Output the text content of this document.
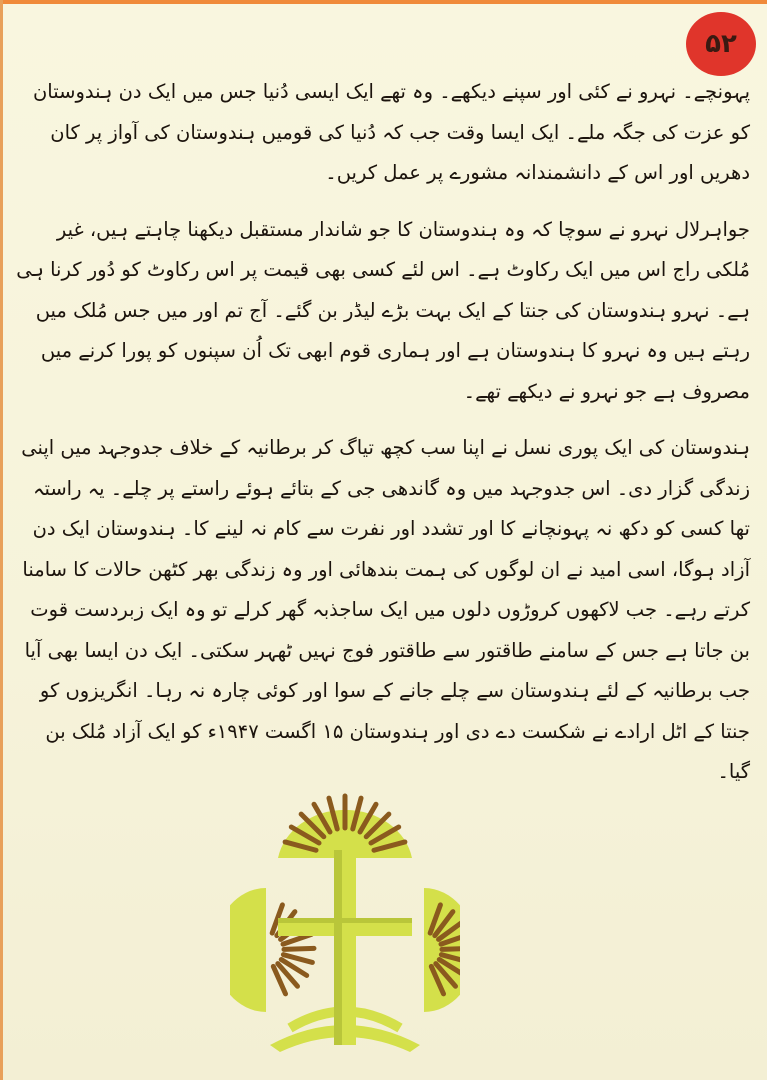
۵۲

پہونچے۔ نہرو نے کئی اور سپنے دیکھے۔ وہ تھے ایک ایسی دُنیا جس میں ایک دن ہندوستان کو عزت کی جگہ ملے۔ ایک ایسا وقت جب کہ دُنیا کی قومیں ہندوستان کی آواز پر کان دھریں اور اس کے دانشمندانہ مشورے پر عمل کریں۔

جواہرلال نہرو نے سوچا کہ وہ ہندوستان کا جو شاندار مستقبل دیکھنا چاہتے ہیں، غیر مُلکی راج اس میں ایک رکاوٹ ہے۔ اس لئے کسی بھی قیمت پر اس رکاوٹ کو دُور کرنا ہی ہے۔ نہرو ہندوستان کی جنتا کے ایک بہت بڑے لیڈر بن گئے۔ آج تم اور میں جس مُلک میں رہتے ہیں وہ نہرو کا ہندوستان ہے اور ہماری قوم ابھی تک اُن سپنوں کو پورا کرنے میں مصروف ہے جو نہرو نے دیکھے تھے۔

ہندوستان کی ایک پوری نسل نے اپنا سب کچھ تیاگ کر برطانیہ کے خلاف جدوجہد میں اپنی زندگی گزار دی۔ اس جدوجہد میں وہ گاندھی جی کے بتائے ہوئے راستے پر چلے۔ یہ راستہ تھا کسی کو دکھ نہ پہونچانے کا اور تشدد اور نفرت سے کام نہ لینے کا۔ ہندوستان ایک دن آزاد ہوگا، اسی امید نے ان لوگوں کی ہمت بندھائی اور وہ زندگی بھر کٹھن حالات کا سامنا کرتے رہے۔ جب لاکھوں کروڑوں دلوں میں ایک ساجذبہ گھر کرلے تو وہ ایک زبردست قوت بن جاتا ہے جس کے سامنے طاقتور سے طاقتور فوج نہیں ٹھہر سکتی۔ ایک دن ایسا بھی آیا جب برطانیہ کے لئے ہندوستان سے چلے جانے کے سوا اور کوئی چارہ نہ رہا۔ انگریزوں کو جنتا کے اٹل ارادے نے شکست دے دی اور ہندوستان ۱۵ اگست ۱۹۴۷ء کو ایک آزاد مُلک بن گیا۔
